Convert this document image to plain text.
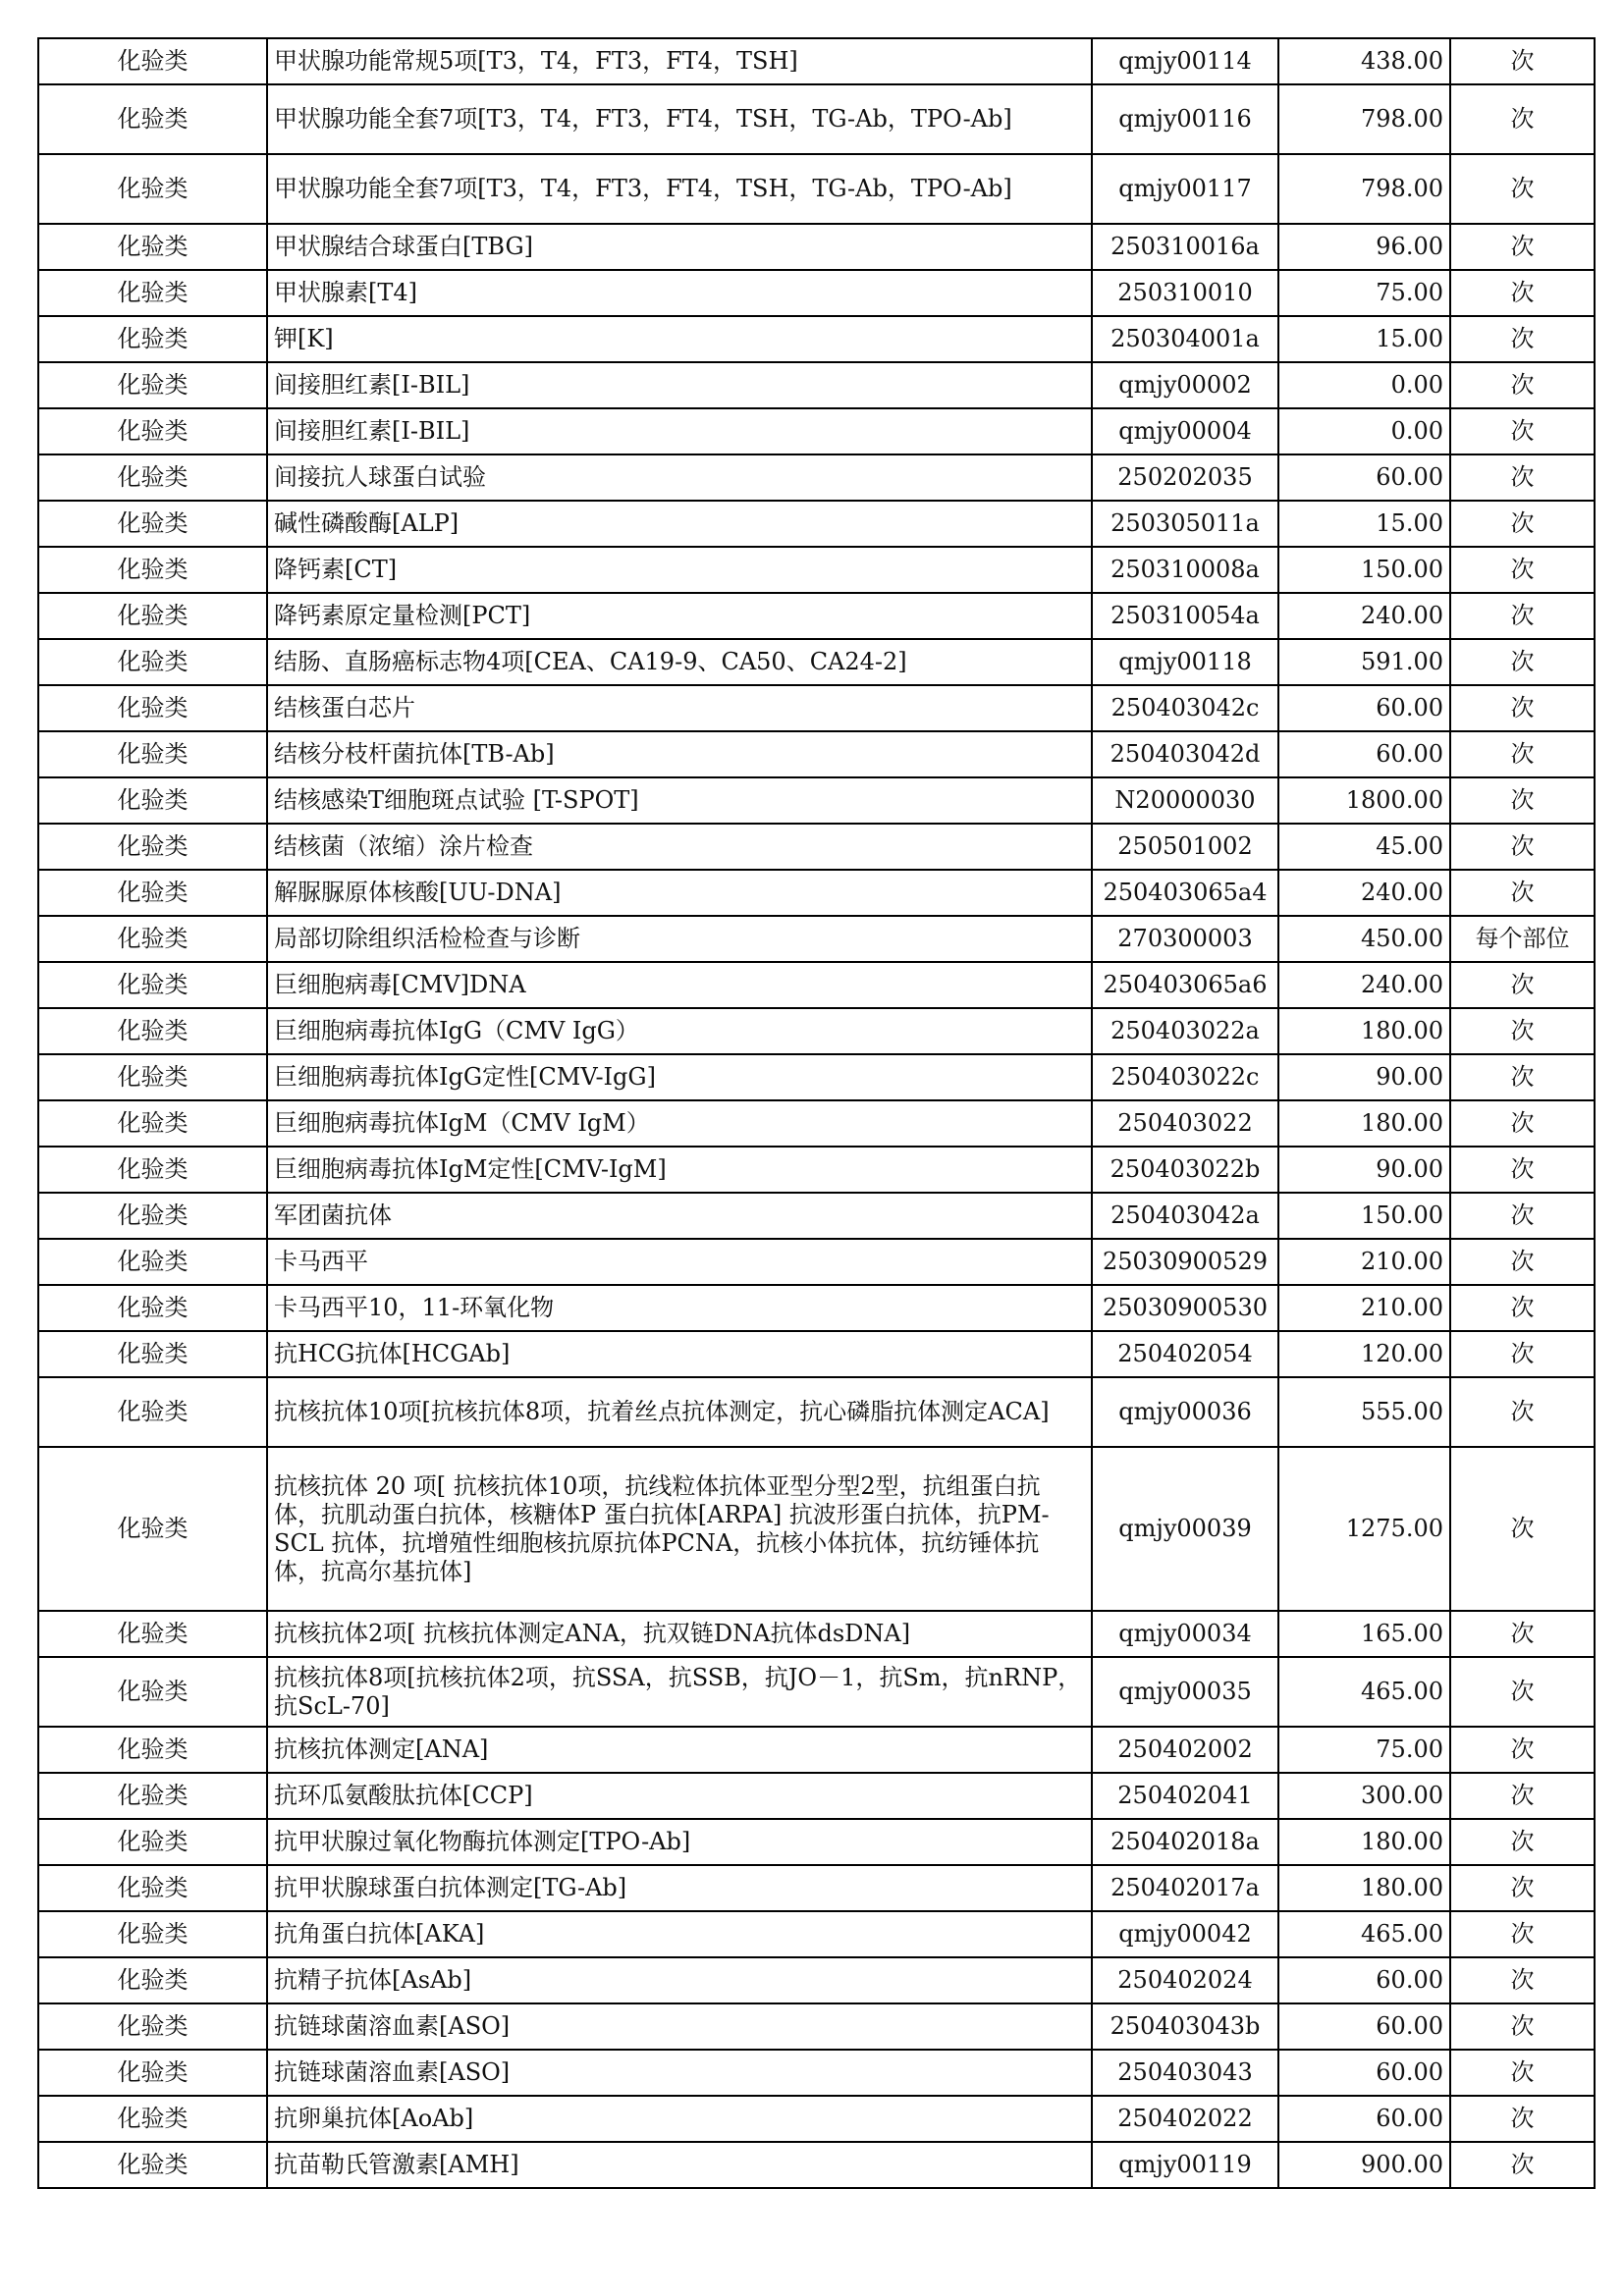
化验类	甲状腺功能常规5项[T3，T4，FT3，FT4，TSH]	qmjy00114	438.00	次
化验类	甲状腺功能全套7项[T3，T4，FT3，FT4，TSH，TG-Ab，TPO-Ab]	qmjy00116	798.00	次
化验类	甲状腺功能全套7项[T3，T4，FT3，FT4，TSH，TG-Ab，TPO-Ab]	qmjy00117	798.00	次
化验类	甲状腺结合球蛋白[TBG]	250310016a	96.00	次
化验类	甲状腺素[T4]	250310010	75.00	次
化验类	钾[K]	250304001a	15.00	次
化验类	间接胆红素[I-BIL]	qmjy00002	0.00	次
化验类	间接胆红素[I-BIL]	qmjy00004	0.00	次
化验类	间接抗人球蛋白试验	250202035	60.00	次
化验类	碱性磷酸酶[ALP]	250305011a	15.00	次
化验类	降钙素[CT]	250310008a	150.00	次
化验类	降钙素原定量检测[PCT]	250310054a	240.00	次
化验类	结肠、直肠癌标志物4项[CEA、CA19-9、CA50、CA24-2]	qmjy00118	591.00	次
化验类	结核蛋白芯片	250403042c	60.00	次
化验类	结核分枝杆菌抗体[TB-Ab]	250403042d	60.00	次
化验类	结核感染T细胞斑点试验 [T-SPOT]	N20000030	1800.00	次
化验类	结核菌（浓缩）涂片检查	250501002	45.00	次
化验类	解脲脲原体核酸[UU-DNA]	250403065a4	240.00	次
化验类	局部切除组织活检检查与诊断	270300003	450.00	每个部位
化验类	巨细胞病毒[CMV]DNA	250403065a6	240.00	次
化验类	巨细胞病毒抗体IgG（CMV IgG）	250403022a	180.00	次
化验类	巨细胞病毒抗体IgG定性[CMV-IgG]	250403022c	90.00	次
化验类	巨细胞病毒抗体IgM（CMV IgM）	250403022	180.00	次
化验类	巨细胞病毒抗体IgM定性[CMV-IgM]	250403022b	90.00	次
化验类	军团菌抗体	250403042a	150.00	次
化验类	卡马西平	25030900529	210.00	次
化验类	卡马西平10，11-环氧化物	25030900530	210.00	次
化验类	抗HCG抗体[HCGAb]	250402054	120.00	次
化验类	抗核抗体10项[抗核抗体8项，抗着丝点抗体测定，抗心磷脂抗体测定ACA]	qmjy00036	555.00	次
化验类	抗核抗体 20 项[ 抗核抗体10项，抗线粒体抗体亚型分型2型，抗组蛋白抗体，抗肌动蛋白抗体，核糖体P 蛋白抗体[ARPA] 抗波形蛋白抗体，抗PM-SCL 抗体，抗增殖性细胞核抗原抗体PCNA，抗核小体抗体，抗纺锤体抗体，抗高尔基抗体]	qmjy00039	1275.00	次
化验类	抗核抗体2项[ 抗核抗体测定ANA，抗双链DNA抗体dsDNA]	qmjy00034	165.00	次
化验类	抗核抗体8项[抗核抗体2项，抗SSA，抗SSB，抗JO－1，抗Sm，抗nRNP，抗ScL-70]	qmjy00035	465.00	次
化验类	抗核抗体测定[ANA]	250402002	75.00	次
化验类	抗环瓜氨酸肽抗体[CCP]	250402041	300.00	次
化验类	抗甲状腺过氧化物酶抗体测定[TPO-Ab]	250402018a	180.00	次
化验类	抗甲状腺球蛋白抗体测定[TG-Ab]	250402017a	180.00	次
化验类	抗角蛋白抗体[AKA]	qmjy00042	465.00	次
化验类	抗精子抗体[AsAb]	250402024	60.00	次
化验类	抗链球菌溶血素[ASO]	250403043b	60.00	次
化验类	抗链球菌溶血素[ASO]	250403043	60.00	次
化验类	抗卵巢抗体[AoAb]	250402022	60.00	次
化验类	抗苗勒氏管激素[AMH]	qmjy00119	900.00	次
